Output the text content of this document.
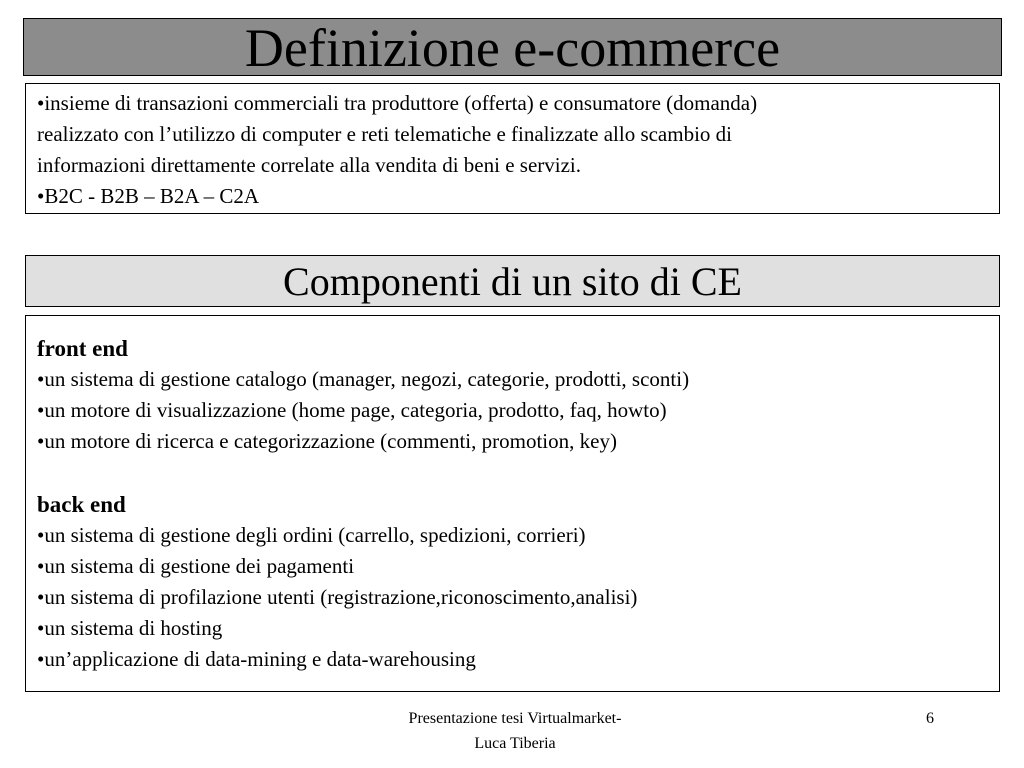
Definizione e-commerce
•insieme di transazioni commerciali tra produttore (offerta) e consumatore (domanda)
realizzato con l’utilizzo di computer e reti telematiche e finalizzate allo scambio di
informazioni direttamente correlate alla vendita di beni e servizi.
•B2C - B2B – B2A – C2A
Componenti di un sito di CE
front end
•un sistema di gestione catalogo (manager, negozi, categorie, prodotti, sconti)
•un motore di visualizzazione (home page, categoria, prodotto, faq, howto)
•un motore di ricerca e categorizzazione (commenti, promotion, key)
back end
•un sistema di gestione degli ordini (carrello, spedizioni, corrieri)
•un sistema di gestione dei pagamenti
•un sistema di profilazione utenti (registrazione,riconoscimento,analisi)
•un sistema di hosting
•un’applicazione di data-mining e data-warehousing
Presentazione tesi Virtualmarket-
Luca Tiberia
6
